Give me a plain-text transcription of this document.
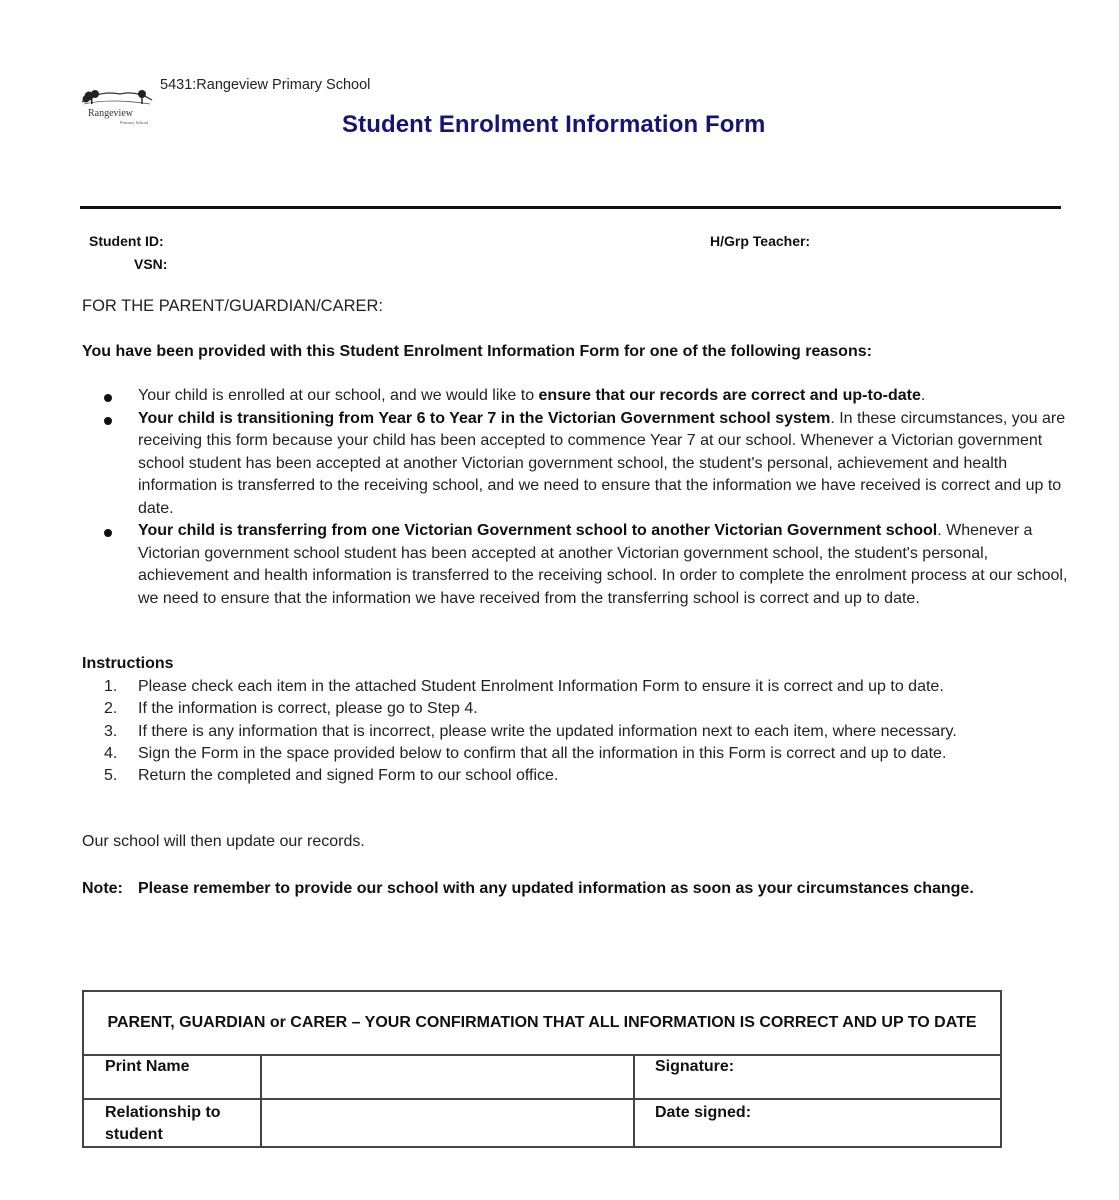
Rangeview
Primary School
5431:Rangeview Primary School
Student Enrolment Information Form
Student ID:
VSN:
H/Grp Teacher:
FOR THE PARENT/GUARDIAN/CARER:
You have been provided with this Student Enrolment Information Form for one of the following reasons:
Your child is enrolled at our school, and we would like to ensure that our records are correct and up-to-date.
Your child is transitioning from Year 6 to Year 7 in the Victorian Government school system. In these circumstances, you are receiving this form because your child has been accepted to commence Year 7 at our school. Whenever a Victorian government school student has been accepted at another Victorian government school, the student's personal, achievement and health information is transferred to the receiving school, and we need to ensure that the information we have received is correct and up to date.
Your child is transferring from one Victorian Government school to another Victorian Government school. Whenever a Victorian government school student has been accepted at another Victorian government school, the student's personal, achievement and health information is transferred to the receiving school. In order to complete the enrolment process at our school, we need to ensure that the information we have received from the transferring school is correct and up to date.
Instructions
1. Please check each item in the attached Student Enrolment Information Form to ensure it is correct and up to date.
2. If the information is correct, please go to Step 4.
3. If there is any information that is incorrect, please write the updated information next to each item, where necessary.
4. Sign the Form in the space provided below to confirm that all the information in this Form is correct and up to date.
5. Return the completed and signed Form to our school office.
Our school will then update our records.
Note: Please remember to provide our school with any updated information as soon as your circumstances change.
PARENT, GUARDIAN or CARER – YOUR CONFIRMATION THAT ALL INFORMATION IS CORRECT AND UP TO DATE		
Print Name		Signature:
Relationship to student		Date signed:
